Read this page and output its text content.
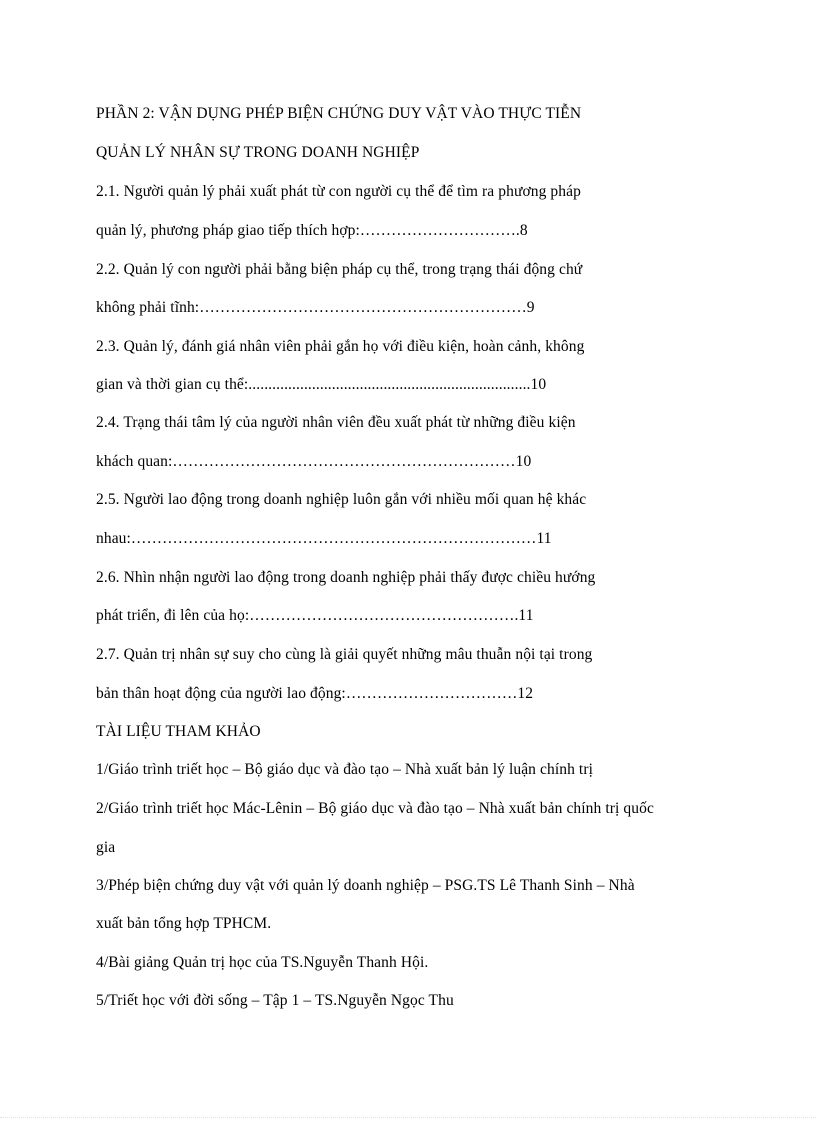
PHẦN 2: VẬN DỤNG PHÉP BIỆN CHỨNG DUY VẬT VÀO THỰC TIỄN
QUẢN LÝ NHÂN SỰ TRONG DOANH NGHIỆP
2.1. Người quản lý phải xuất phát từ con người cụ thể để tìm ra phương pháp
quản lý, phương pháp giao tiếp thích hợp:………………………….8
2.2. Quản lý con người phải bằng biện pháp cụ thể, trong trạng thái động chứ
không phải tĩnh:………………………………………………………9
2.3. Quản lý, đánh giá nhân viên phải gắn họ với điều kiện, hoàn cảnh, không
gian và thời gian cụ thể:.......................................................................10
2.4. Trạng thái tâm lý của người nhân viên đều xuất phát từ những điều kiện
khách quan:…………………………………………………………10
2.5. Người lao động trong doanh nghiệp luôn gắn với nhiều mối quan hệ khác
nhau:……………………………………………………………………11
2.6. Nhìn nhận người lao động trong doanh nghiệp phải thấy được chiều hướng
phát triển, đi lên của họ:…………………………………………….11
2.7. Quản trị nhân sự suy cho cùng là giải quyết những mâu thuẫn nội tại trong
bản thân hoạt động của người lao động:……………………………12
TÀI LIỆU THAM KHẢO
1/Giáo trình triết học – Bộ giáo dục và đào tạo – Nhà xuất bản lý luận chính trị
2/Giáo trình triết học Mác-Lênin – Bộ giáo dục và đào tạo – Nhà xuất bản chính trị quốc
gia
3/Phép biện chứng duy vật với quản lý doanh nghiệp – PSG.TS Lê Thanh Sinh – Nhà
xuất bản tổng hợp TPHCM.
4/Bài giảng Quản trị học của TS.Nguyễn Thanh Hội.
5/Triết học với đời sống – Tập 1 – TS.Nguyễn Ngọc Thu
